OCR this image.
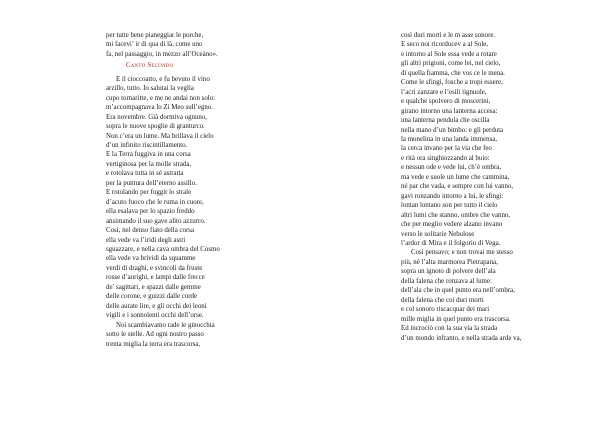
per tutte bene pianeggiar le porche,
mi facevi’ ir di qua di là, come uno
fa, nel passaggio, in mezzo all’Oceàno».
Canto Secondo
E il cioccoatto, e fu bevuto il vino
arzillo, tutto. Io salutai la veglia
cupo tornaritte, e me ne andai non solo:
m’accompagnava lo Zi Meo sull’egno.
Era novembre. Già dormiva ognuno,
sopra le nuove spoglie di granturco.
Non c’era un lume. Ma brillava il cielo
d’un infinito riscintillamento.
E la Terra fuggiva in una corsa
vertiginosa per la molle strada,
e rotolava tutta in sé astratta
per la puntura dell’eterno assillo.
E rotolando per fuggir lo strale
d’acuto fuoco che le ruma in cuore,
ella esalava per lo spazio freddo
ansimando il suo gave alito azzurro.
Così, nel denso fiato della corsa
ella vede va l’iridi degli astri
sguazzare, e nella cava ombra del Cosmo
ella vede va brividi da squamme
verdi di draghi, e svincoli da fruste
rosse d’aurighi, e lampi dalle frecce
de’ sagittari, e spazzi dalle gemme
delle corone, e guizzi dalle corde
delle aurate lire, e gli occhi dei leoni
vigili e i sonnolenti occhi dell’orse.
Noi scambiavamo rade le ginocchia
sotto le stelle. Ad ogni nostro passo
trenta miglia la terra era trascorsa,
così duri morti e le m asse sonore.
E seco noi ricorducev a al Sole,
e intorno al Sole essa vede a rotare
gli altri prigioni, come lei, nel cielo,
di quella fiamma, che vos ce le mena.
Come le sfingi, fosche a tropi essere,
l’acri zanzare e l’esili tignuole,
e qualche spolvero di moscerini,
girano intorno una lanterna accesa:
una lanterna pendula che oscilla
nella mano d’un bimbo: e gli perduta
la monelina in una landa immensa,
la cerca invano per la via che feo
e rità ora singhiozzando al buio:
e nessun ode e vede lui, ch’è ombra,
ma vede e suole un lume che cammina,
né par che vada, e sempre con lui vanno,
gavi ronzando intorno a lui, le sfingi:
lontan lontano son per tutto il cielo
altri lumi che stanno, ombre che vanno,
che per meglio vedere alzano invano
verso le solitarie Nebulose
l’ardor di Mira e il folgorio di Vega.
Così pensavo; e non trovai me stesso
più, né l’alta marmorea Pietrapana,
sopra un ignoto di polvere dell’ala
della falena che ronzava al lume:
dell’ala che in quel punto era nell’ombra,
della falena che coi duri morti
e col sonoro riscacquar dei mari
mille miglia in quel punto era trascorsa.
Ed incrociò con la sua via la strada
d’un mondo infranto, e nella strada arde va,
